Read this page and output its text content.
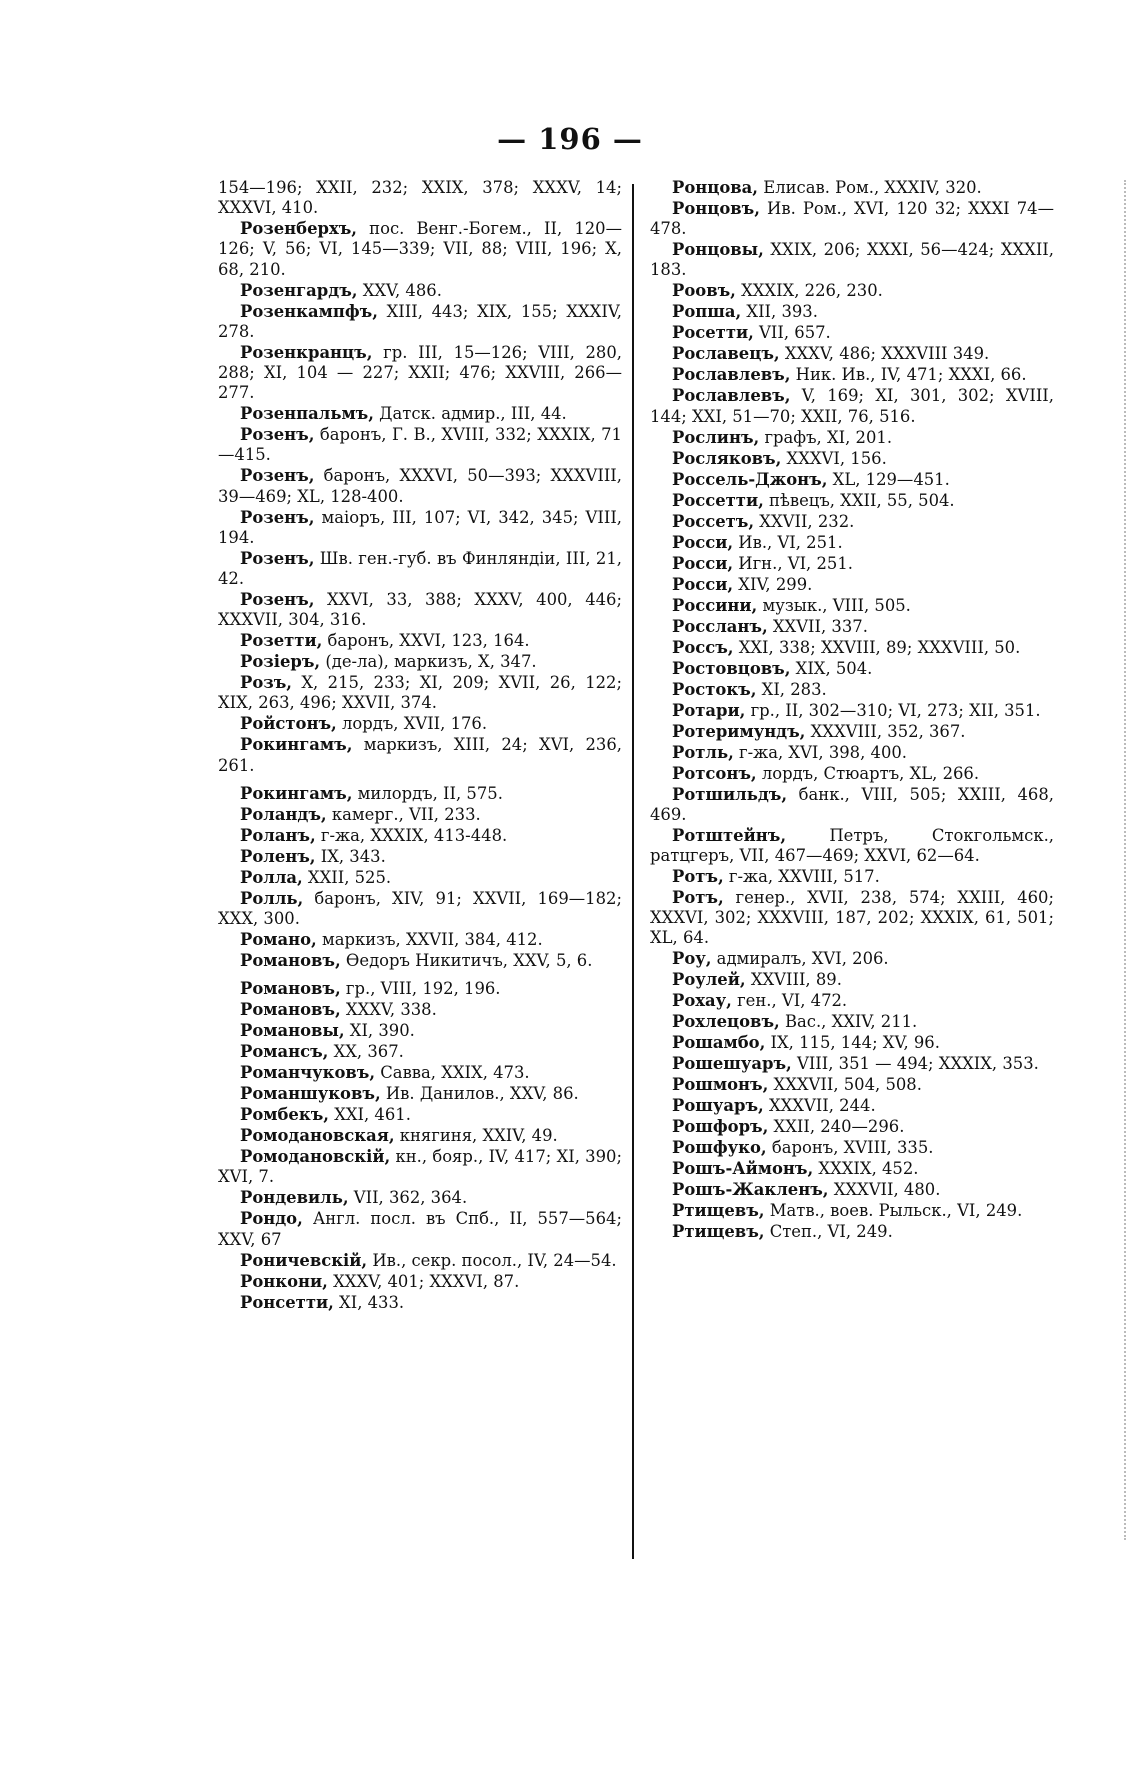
— 196 —

154—196; XXII, 232; XXIX, 378; XXXV, 14; XXXVI, 410.

Розенберхъ, пос. Венг.-Богем., II, 120—126; V, 56; VI, 145—339; VII, 88; VIII, 196; X, 68, 210.

Розенгардъ, XXV, 486.

Розенкампфъ, XIII, 443; XIX, 155; XXXIV, 278.

Розенкранцъ, гр. III, 15—126; VIII, 280, 288; XI, 104 — 227; XXII; 476; XXVIII, 266—277.

Розенпальмъ, Датск. адмир., III, 44.

Розенъ, баронъ, Г. В., XVIII, 332; XXXIX, 71—415.

Розенъ, баронъ, XXXVI, 50—393; XXXVIII, 39—469; XL, 128-400.

Розенъ, маіоръ, III, 107; VI, 342, 345; VIII, 194.

Розенъ, Шв. ген.-губ. въ Финляндіи, III, 21, 42.

Розенъ, XXVI, 33, 388; XXXV, 400, 446; XXXVII, 304, 316.

Розетти, баронъ, XXVI, 123, 164.

Розіеръ, (де-ла), маркизъ, X, 347.

Розъ, X, 215, 233; XI, 209; XVII, 26, 122; XIX, 263, 496; XXVII, 374.

Ройстонъ, лордъ, XVII, 176.

Рокингамъ, маркизъ, XIII, 24; XVI, 236, 261.

Рокингамъ, милордъ, II, 575.

Роландъ, камерг., VII, 233.

Роланъ, г-жа, XXXIX, 413-448.

Роленъ, IX, 343.

Ролла, XXII, 525.

Ролль, баронъ, XIV, 91; XXVII, 169—182; XXX, 300.

Романо, маркизъ, XXVII, 384, 412.

Романовъ, Ѳедоръ Никитичъ, XXV, 5, 6.

Романовъ, гр., VIII, 192, 196.

Романовъ, XXXV, 338.

Романовы, XI, 390.

Романсъ, XX, 367.

Романчуковъ, Савва, XXIX, 473.

Романшуковъ, Ив. Данилов., XXV, 86.

Ромбекъ, XXI, 461.

Ромодановская, княгиня, XXIV, 49.

Ромодановскій, кн., бояр., IV, 417; XI, 390; XVI, 7.

Рондевиль, VII, 362, 364.

Рондо, Англ. посл. въ Спб., II, 557—564; XXV, 67

Роничевскій, Ив., секр. посол., IV, 24—54.

Ронкони, XXXV, 401; XXXVI, 87.

Ронсетти, XI, 433.

Ронцова, Елисав. Ром., XXXIV, 320.

Ронцовъ, Ив. Ром., XVI, 120 32; XXXI 74—478.

Ронцовы, XXIX, 206; XXXI, 56—424; XXXII, 183.

Роовъ, XXXIX, 226, 230.

Ропша, XII, 393.

Росетти, VII, 657.

Рославецъ, XXXV, 486; XXXVIII 349.

Рославлевъ, Ник. Ив., IV, 471; XXXI, 66.

Рославлевъ, V, 169; XI, 301, 302; XVIII, 144; XXI, 51—70; XXII, 76, 516.

Рослинъ, графъ, XI, 201.

Росляковъ, XXXVI, 156.

Россель-Джонъ, XL, 129—451.

Россетти, пѣвецъ, XXII, 55, 504.

Россетъ, XXVII, 232.

Росси, Ив., VI, 251.

Росси, Игн., VI, 251.

Росси, XIV, 299.

Россини, музык., VIII, 505.

Россланъ, XXVII, 337.

Россъ, XXI, 338; XXVIII, 89; XXXVIII, 50.

Ростовцовъ, XIX, 504.

Ростокъ, XI, 283.

Ротари, гр., II, 302—310; VI, 273; XII, 351.

Ротеримундъ, XXXVIII, 352, 367.

Ротль, г-жа, XVI, 398, 400.

Ротсонъ, лордъ, Стюартъ, XL, 266.

Ротшильдъ, банк., VIII, 505; XXIII, 468, 469.

Ротштейнъ, Петръ, Стокгольмск., ратцгеръ, VII, 467—469; XXVI, 62—64.

Ротъ, г-жа, XXVIII, 517.

Ротъ, генер., XVII, 238, 574; XXIII, 460; XXXVI, 302; XXXVIII, 187, 202; XXXIX, 61, 501; XL, 64.

Роу, адмиралъ, XVI, 206.

Роулей, XXVIII, 89.

Рохау, ген., VI, 472.

Рохлецовъ, Вас., XXIV, 211.

Рошамбо, IX, 115, 144; XV, 96.

Рошешуаръ, VIII, 351 — 494; XXXIX, 353.

Рошмонъ, XXXVII, 504, 508.

Рошуаръ, XXXVII, 244.

Рошфоръ, XXII, 240—296.

Рошфуко, баронъ, XVIII, 335.

Рошъ-Аймонъ, XXXIX, 452.

Рошъ-Жакленъ, XXXVII, 480.

Ртищевъ, Матв., воев. Рыльск., VI, 249.

Ртищевъ, Степ., VI, 249.
